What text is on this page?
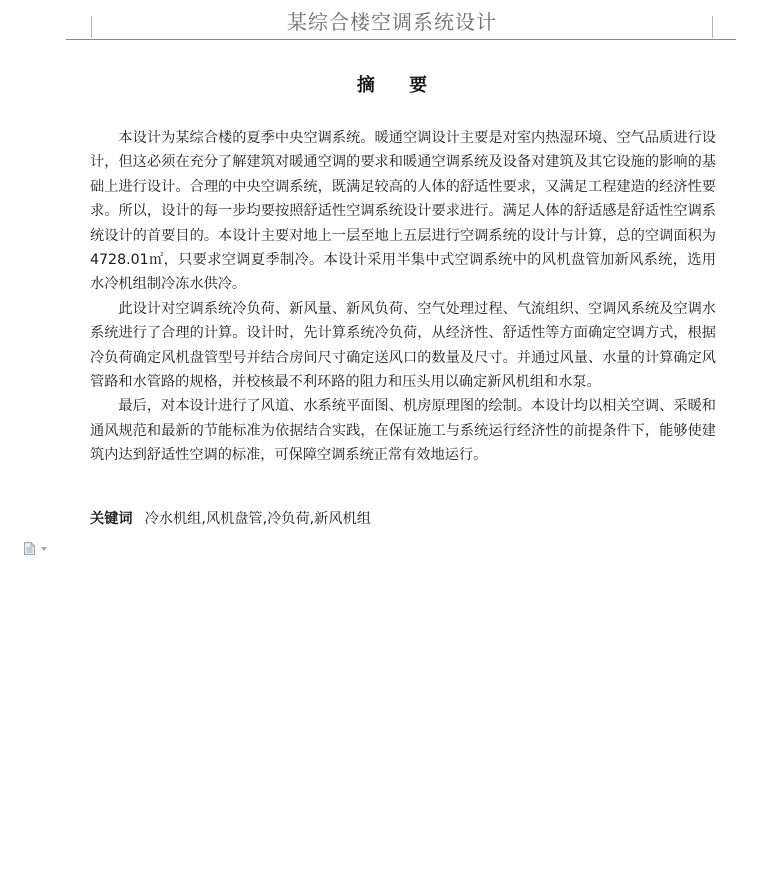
某综合楼空调系统设计
摘 要

本设计为某综合楼的夏季中央空调系统。暖通空调设计主要是对室内热湿环境、空气品质进行设计，但这必须在充分了解建筑对暖通空调的要求和暖通空调系统及设备对建筑及其它设施的影响的基础上进行设计。合理的中央空调系统，既满足较高的人体的舒适性要求，又满足工程建造的经济性要求。所以，设计的每一步均要按照舒适性空调系统设计要求进行。满足人体的舒适感是舒适性空调系统设计的首要目的。本设计主要对地上一层至地上五层进行空调系统的设计与计算，总的空调面积为 4728.01㎡，只要求空调夏季制冷。本设计采用半集中式空调系统中的风机盘管加新风系统，选用水冷机组制冷冻水供冷。

此设计对空调系统冷负荷、新风量、新风负荷、空气处理过程、气流组织、空调风系统及空调水系统进行了合理的计算。设计时，先计算系统冷负荷，从经济性、舒适性等方面确定空调方式，根据冷负荷确定风机盘管型号并结合房间尺寸确定送风口的数量及尺寸。并通过风量、水量的计算确定风管路和水管路的规格，并校核最不利环路的阻力和压头用以确定新风机组和水泵。

最后，对本设计进行了风道、水系统平面图、机房原理图的绘制。本设计均以相关空调、采暖和通风规范和最新的节能标准为依据结合实践，在保证施工与系统运行经济性的前提条件下，能够使建筑内达到舒适性空调的标准，可保障空调系统正常有效地运行。

关键词 冷水机组,风机盘管,冷负荷,新风机组
